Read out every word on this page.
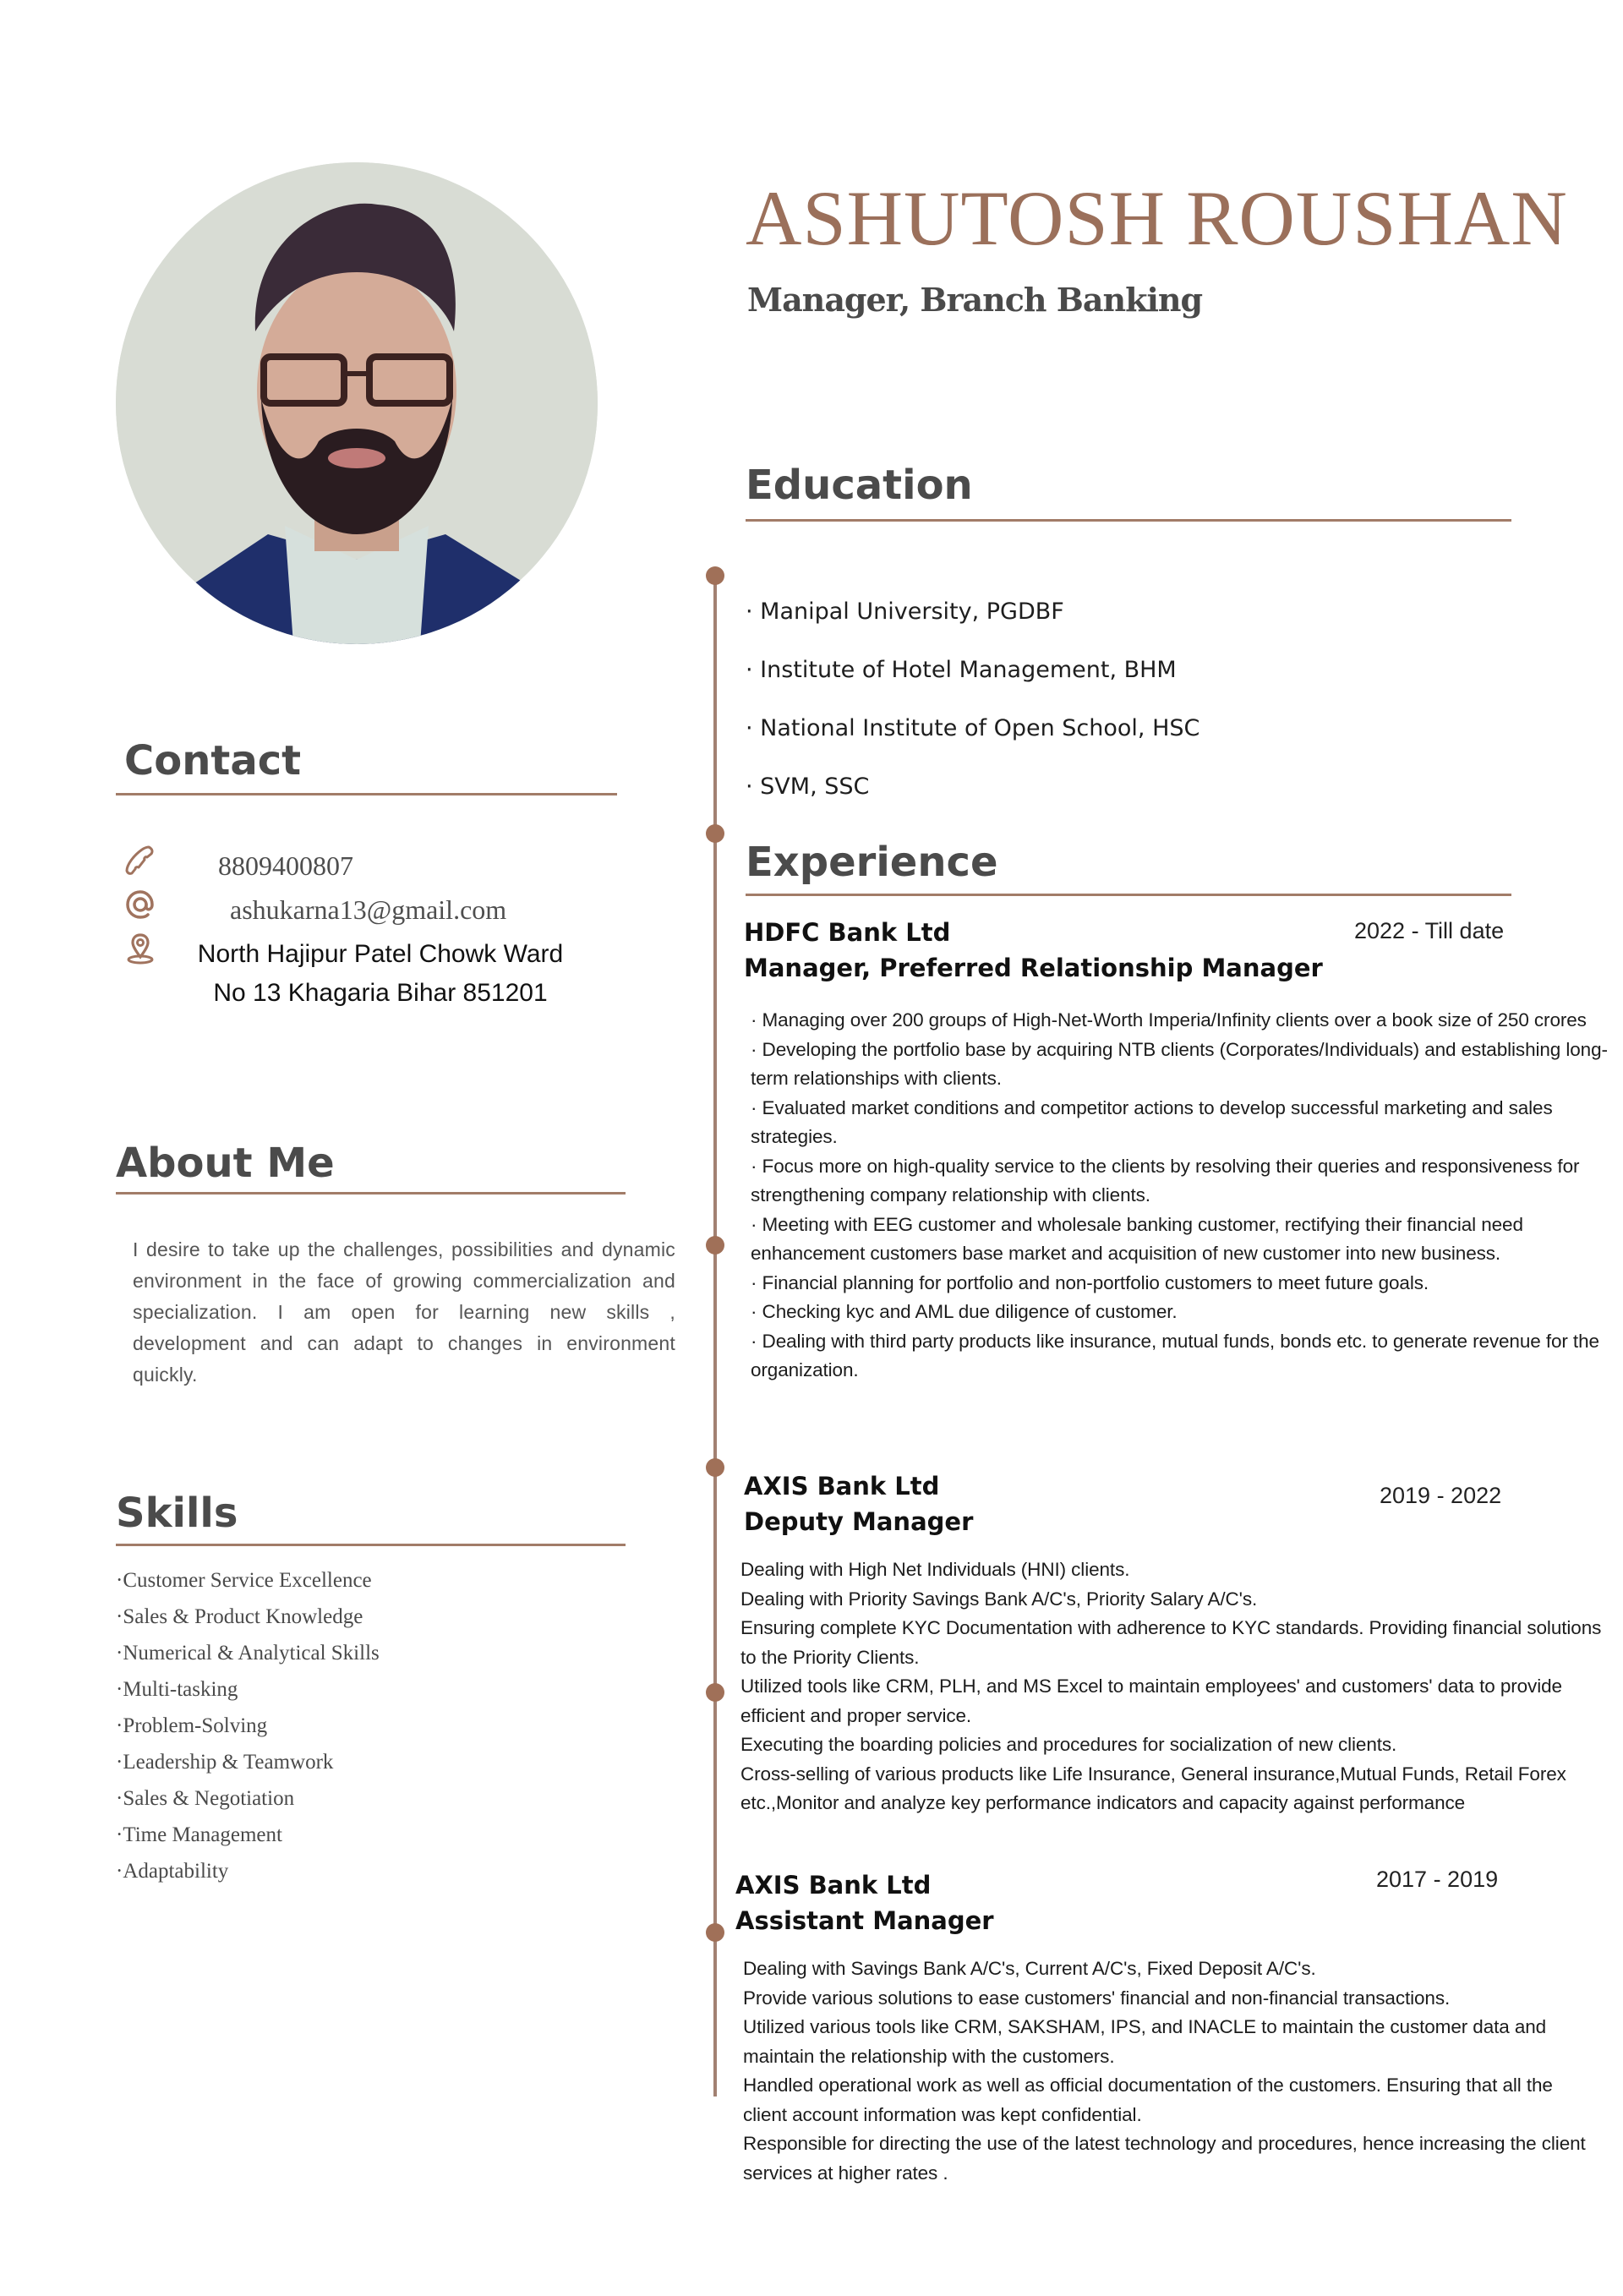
ASHUTOSH ROUSHAN
Manager, Branch Banking
Contact
8809400807
ashukarna13@gmail.com
North Hajipur Patel Chowk Ward
No 13 Khagaria Bihar 851201
About Me

I desire to take up the challenges, possibilities and dynamic environment in the face of growing commercialization and specialization. I am open for learning new skills , development and can adapt to changes in environment quickly.

Skills
·Customer Service Excellence
·Sales & Product Knowledge
·Numerical & Analytical Skills
·Multi-tasking
·Problem-Solving
·Leadership & Teamwork
·Sales & Negotiation
·Time Management
·Adaptability
Education
· Manipal University, PGDBF
· Institute of Hotel Management, BHM
· National Institute of Open School, HSC
· SVM, SSC
Experience
HDFC Bank Ltd
Manager, Preferred Relationship Manager
2022 - Till date
· Managing over 200 groups of High-Net-Worth Imperia/Infinity clients over a book size of 250 crores
· Developing the portfolio base by acquiring NTB clients (Corporates/Individuals) and establishing long-term relationships with clients.
· Evaluated market conditions and competitor actions to develop successful marketing and sales strategies.
· Focus more on high-quality service to the clients by resolving their queries and responsiveness for strengthening company relationship with clients.
· Meeting with EEG customer and wholesale banking customer, rectifying their financial need enhancement customers base market and acquisition of new customer into new business.
· Financial planning for portfolio and non-portfolio customers to meet future goals.
· Checking kyc and AML due diligence of customer.
· Dealing with third party products like insurance, mutual funds, bonds etc. to generate revenue for the organization.
AXIS Bank Ltd
Deputy Manager
2019 - 2022
Dealing with High Net Individuals (HNI) clients.
Dealing with Priority Savings Bank A/C's, Priority Salary A/C's.
Ensuring complete KYC Documentation with adherence to KYC standards. Providing financial solutions to the Priority Clients.
Utilized tools like CRM, PLH, and MS Excel to maintain employees' and customers' data to provide efficient and proper service.
Executing the boarding policies and procedures for socialization of new clients.
Cross-selling of various products like Life Insurance, General insurance,Mutual Funds, Retail Forex etc.,Monitor and analyze key performance indicators and capacity against performance
AXIS Bank Ltd
Assistant Manager
2017 - 2019
Dealing with Savings Bank A/C's, Current A/C's, Fixed Deposit A/C's.
Provide various solutions to ease customers' financial and non-financial transactions.
Utilized various tools like CRM, SAKSHAM, IPS, and INACLE to maintain the customer data and maintain the relationship with the customers.
Handled operational work as well as official documentation of the customers. Ensuring that all the client account information was kept confidential.
Responsible for directing the use of the latest technology and procedures, hence increasing the client services at higher rates .
